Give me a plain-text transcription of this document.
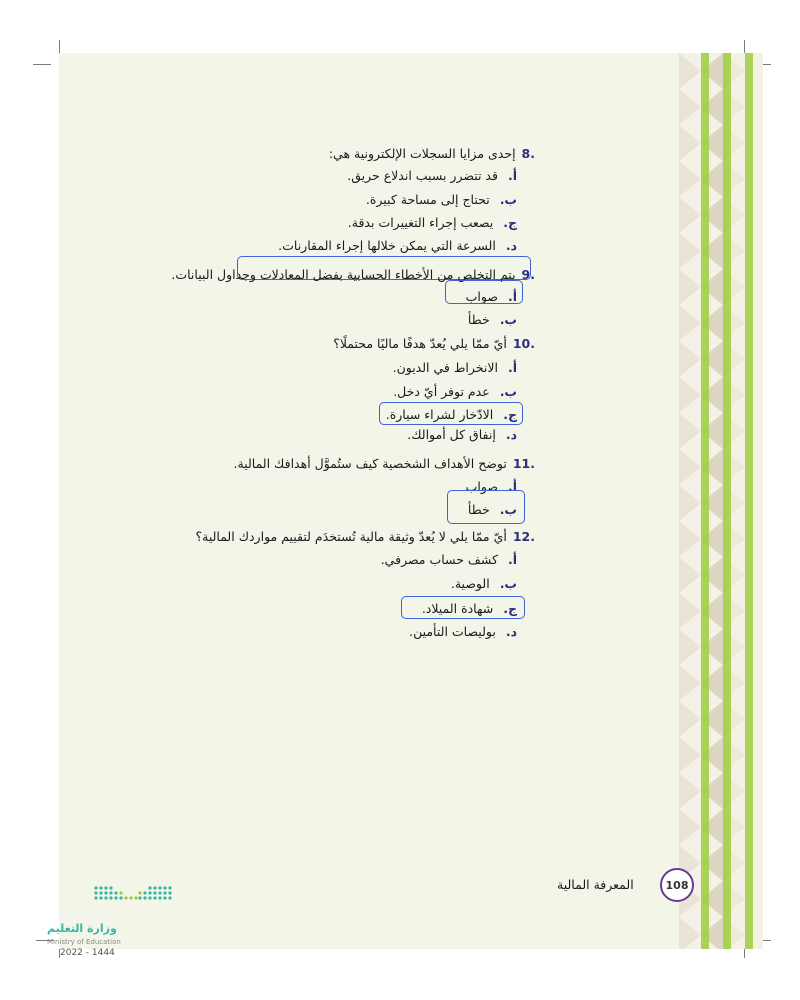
.8إحدى مزايا السجلات الإلكترونية هي:
أ.قد تتضرر بسبب اندلاع حريق.
ب.تحتاج إلى مساحة كبيرة.
ج.يصعب إجراء التغييرات بدقة.
د.السرعة التي يمكن خلالها إجراء المقارنات.
.9يتم التخلص من الأخطاء الحسابية بفضل المعادلات وجداول البيانات.
أ.صواب
ب.خطأ
.10أيّ ممّا يلي يُعدّ هدفًا ماليًا محتملًا؟
أ.الانخراط في الديون.
ب.عدم توفر أيّ دخل.
ج.الادّخار لشراء سيارة.
د.إنفاق كل أموالك.
.11توضح الأهداف الشخصية كيف ستُموَّل أهدافك المالية.
أ.صواب
ب.خطأ
.12أيّ ممّا يلي لا يُعدّ وثيقة مالية تُستخدَم لتقييم مواردك المالية؟
أ.كشف حساب مصرفي.
ب.الوصية.
ج.شهادة الميلاد.
د.بوليصات التأمين.
المعرفة المالية	108
وزارة التعليم
Ministry of Education
2022 - 1444
